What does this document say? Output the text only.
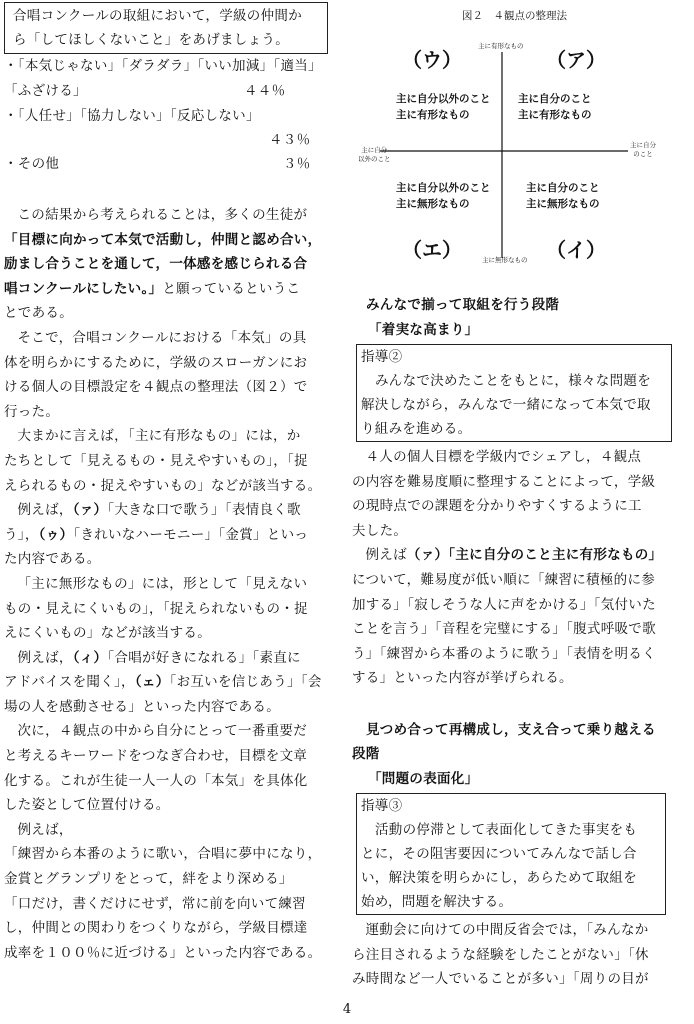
合唱コンクールの取組において，学級の仲間か

ら「してほしくないこと」をあげましょう。

・「本気じゃない」「ダラダラ」「いい加減」「適当」

「ふざける」	４４％

・「人任せ」「協力しない」「反応しない」

４３％

・その他	３％

この結果から考えられることは，多くの生徒が

「目標に向かって本気で活動し，仲間と認め合い，

励まし合うことを通して，一体感を感じられる合

唱コンクールにしたい。」と願っているというこ

とである。

そこで，合唱コンクールにおける「本気」の具

体を明らかにするために，学級のスローガンにお

ける個人の目標設定を４観点の整理法（図２）で

行った。

大まかに言えば，「主に有形なもの」には，か

たちとして「見えるもの・見えやすいもの」，「捉

えられるもの・捉えやすいもの」などが該当する。

例えば，（ァ）「大きな口で歌う」「表情良く歌

う」，（ゥ）「きれいなハーモニー」「金賞」といっ

た内容である。

「主に無形なもの」には，形として「見えない

もの・見えにくいもの」，「捉えられないもの・捉

えにくいもの」などが該当する。

例えば，（ィ）「合唱が好きになれる」「素直に

アドバイスを聞く」，（ェ）「お互いを信じあう」「会

場の人を感動させる」といった内容である。

次に，４観点の中から自分にとって一番重要だ

と考えるキーワードをつなぎ合わせ，目標を文章

化する。これが生徒一人一人の「本気」を具体化

した姿として位置付ける。

例えば，

「練習から本番のように歌い，合唱に夢中になり，

金賞とグランプリをとって，絆をより深める」

「口だけ，書くだけにせず，常に前を向いて練習

し，仲間との関わりをつくりながら，学級目標達

成率を１００％に近づける」といった内容である。

図２　４観点の整理法
主に有形なもの
主に無形なもの
主に自分
以外のこと
主に自分
のこと
（ウ）	（ア）
（エ）	（イ）
主に自分以外のこと
主に有形なもの
主に自分のこと
主に有形なもの
主に自分以外のこと
主に無形なもの
主に自分のこと
主に無形なもの

みんなで揃って取組を行う段階

「着実な高まり」

指導②

みんなで決めたことをもとに，様々な問題を

解決しながら，みんなで一緒になって本気で取

り組みを進める。

４人の個人目標を学級内でシェアし，４観点

の内容を難易度順に整理することによって，学級

の現時点での課題を分かりやすくするように工

夫した。

例えば（ァ）「主に自分のこと主に有形なもの」

について，難易度が低い順に「練習に積極的に参

加する」「寂しそうな人に声をかける」「気付いた

ことを言う」「音程を完璧にする」「腹式呼吸で歌

う」「練習から本番のように歌う」「表情を明るく

する」といった内容が挙げられる。

見つめ合って再構成し，支え合って乗り越える

段階

「問題の表面化」

指導③

活動の停滞として表面化してきた事実をも

とに，その阻害要因についてみんなで話し合

い，解決策を明らかにし，あらためて取組を

始め，問題を解決する。

運動会に向けての中間反省会では，「みんなか

ら注目されるような経験をしたことがない」「休

み時間など一人でいることが多い」「周りの目が

4
